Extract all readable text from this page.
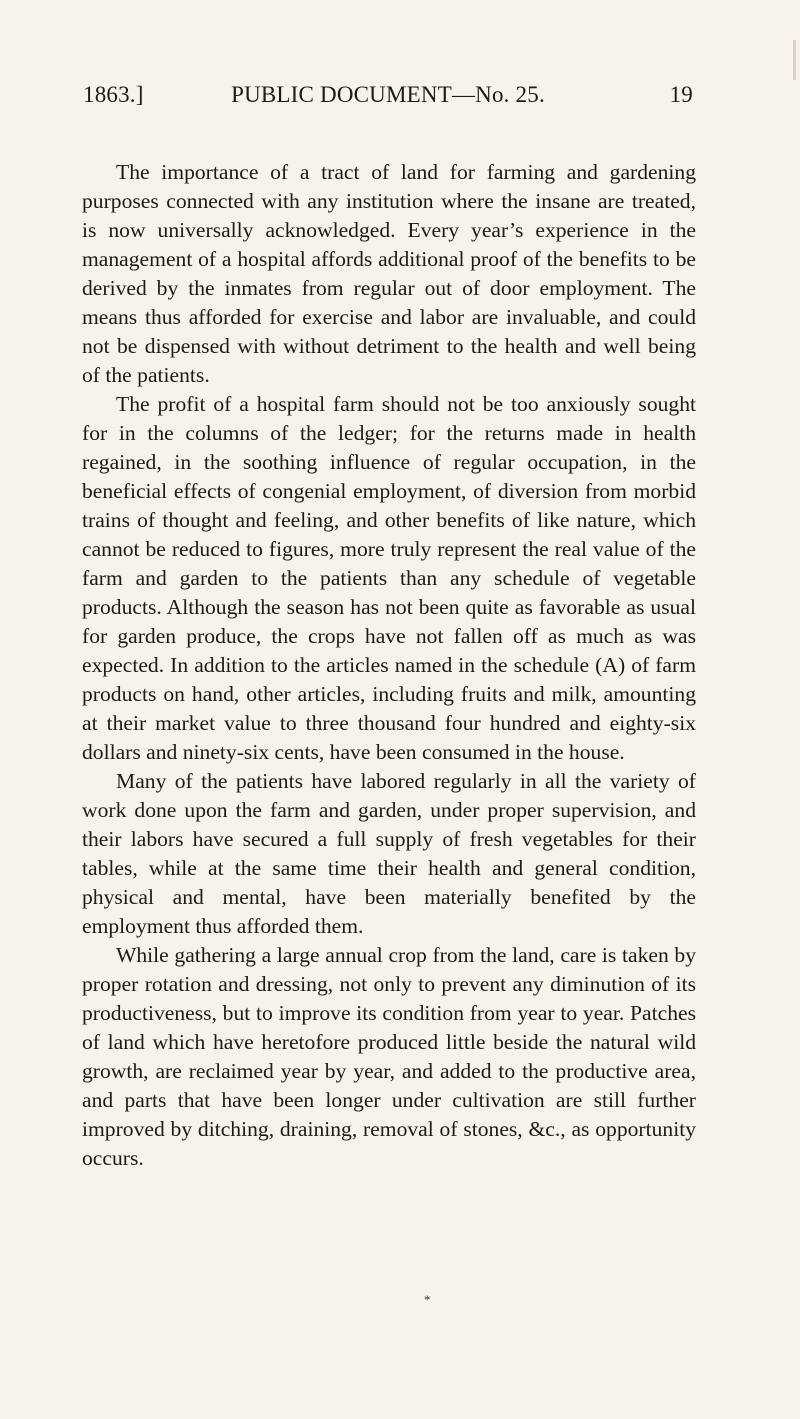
1863.]	PUBLIC DOCUMENT—No. 25.	19

The importance of a tract of land for farming and gardening purposes connected with any institution where the insane are treated, is now universally acknowledged. Every year’s experience in the management of a hospital affords additional proof of the benefits to be derived by the inmates from regular out of door employment. The means thus afforded for exercise and labor are invaluable, and could not be dispensed with without detriment to the health and well being of the patients.

The profit of a hospital farm should not be too anxiously sought for in the columns of the ledger; for the returns made in health regained, in the soothing influence of regular occupation, in the beneficial effects of congenial employment, of diversion from morbid trains of thought and feeling, and other benefits of like nature, which cannot be reduced to figures, more truly represent the real value of the farm and garden to the patients than any schedule of vegetable products. Although the season has not been quite as favorable as usual for garden produce, the crops have not fallen off as much as was expected. In addition to the articles named in the schedule (A) of farm products on hand, other articles, including fruits and milk, amounting at their market value to three thousand four hundred and eighty-six dollars and ninety-six cents, have been consumed in the house.

Many of the patients have labored regularly in all the variety of work done upon the farm and garden, under proper supervision, and their labors have secured a full supply of fresh vegetables for their tables, while at the same time their health and general condition, physical and mental, have been materially benefited by the employment thus afforded them.

While gathering a large annual crop from the land, care is taken by proper rotation and dressing, not only to prevent any diminution of its productiveness, but to improve its condition from year to year. Patches of land which have heretofore produced little beside the natural wild growth, are reclaimed year by year, and added to the productive area, and parts that have been longer under cultivation are still further improved by ditching, draining, removal of stones, &c., as opportunity occurs.

*
